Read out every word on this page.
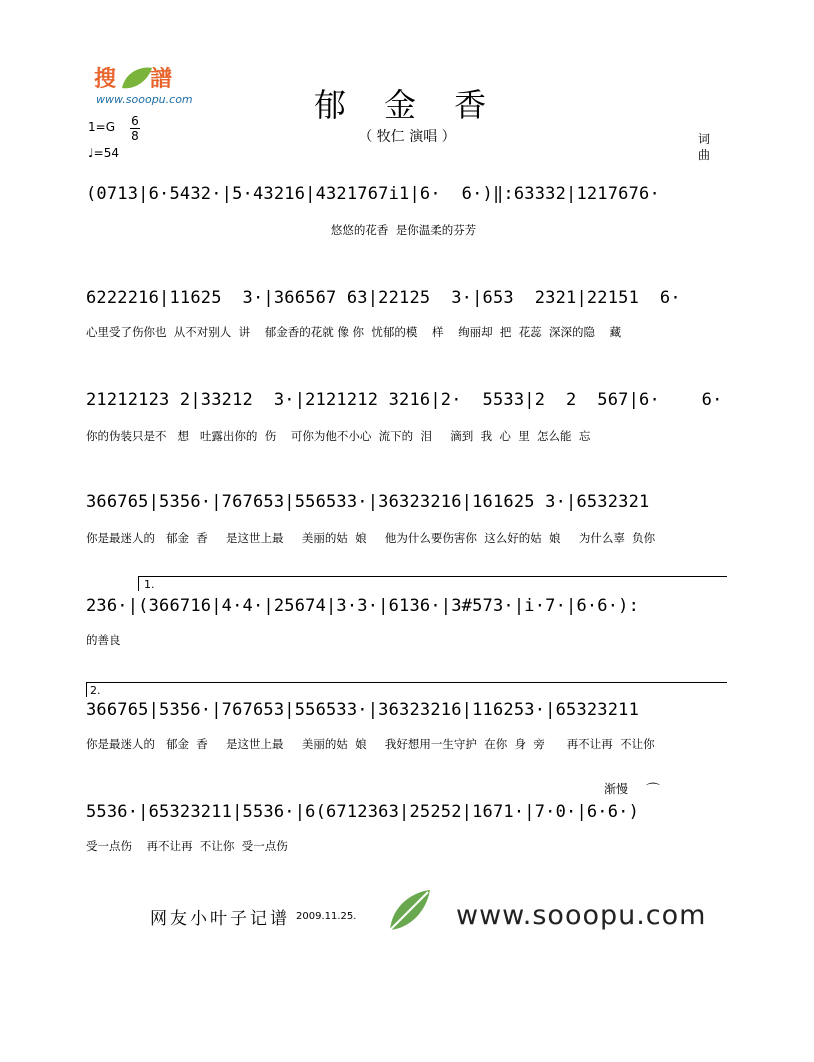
搜 譜
www.sooopu.com	郁 金 香
（ 牧仁 演唱 ）
1=G 6
8
♩=54
词
曲
(0713|6·5432·|5·43216|4321767i1|6·  6·)‖:63332|1217676·
悠悠的花香  是你温柔的芬芳
6222216|11625  3·|366567 63|22125  3·|653  2321|22151  6·
心里受了伤你也  从不对别人  讲    郁金香的花就 像 你  忧郁的模    样    绚丽却  把  花蕊  深深的隐    藏
21212123 2|33212  3·|2121212 3216|2·  5533|2  2  567|6·    6·
你的伪装只是不   想   吐露出你的  伤    可你为他不小心  流下的  泪     滴到  我  心  里  怎么能  忘
366765|5356·|767653|556533·|36323216|161625 3·|6532321
你是最迷人的   郁金  香     是这世上最     美丽的姑  娘     他为什么要伤害你  这么好的姑  娘     为什么辜  负你
1.
236·|(366716|4·4·|25674|3·3·|6136·|3#573·|i·7·|6·6·):
的善良
2.
366765|5356·|767653|556533·|36323216|116253·|65323211
你是最迷人的   郁金  香     是这世上最     美丽的姑  娘     我好想用一生守护  在你  身  旁      再不让再  不让你
渐慢 ⌒
5536·|65323211|5536·|6(6712363|25252|1671·|7·0·|6·6·)
受一点伤    再不让再  不让你  受一点伤
网友小叶子记谱 2009.11.25.	www.sooopu.com
